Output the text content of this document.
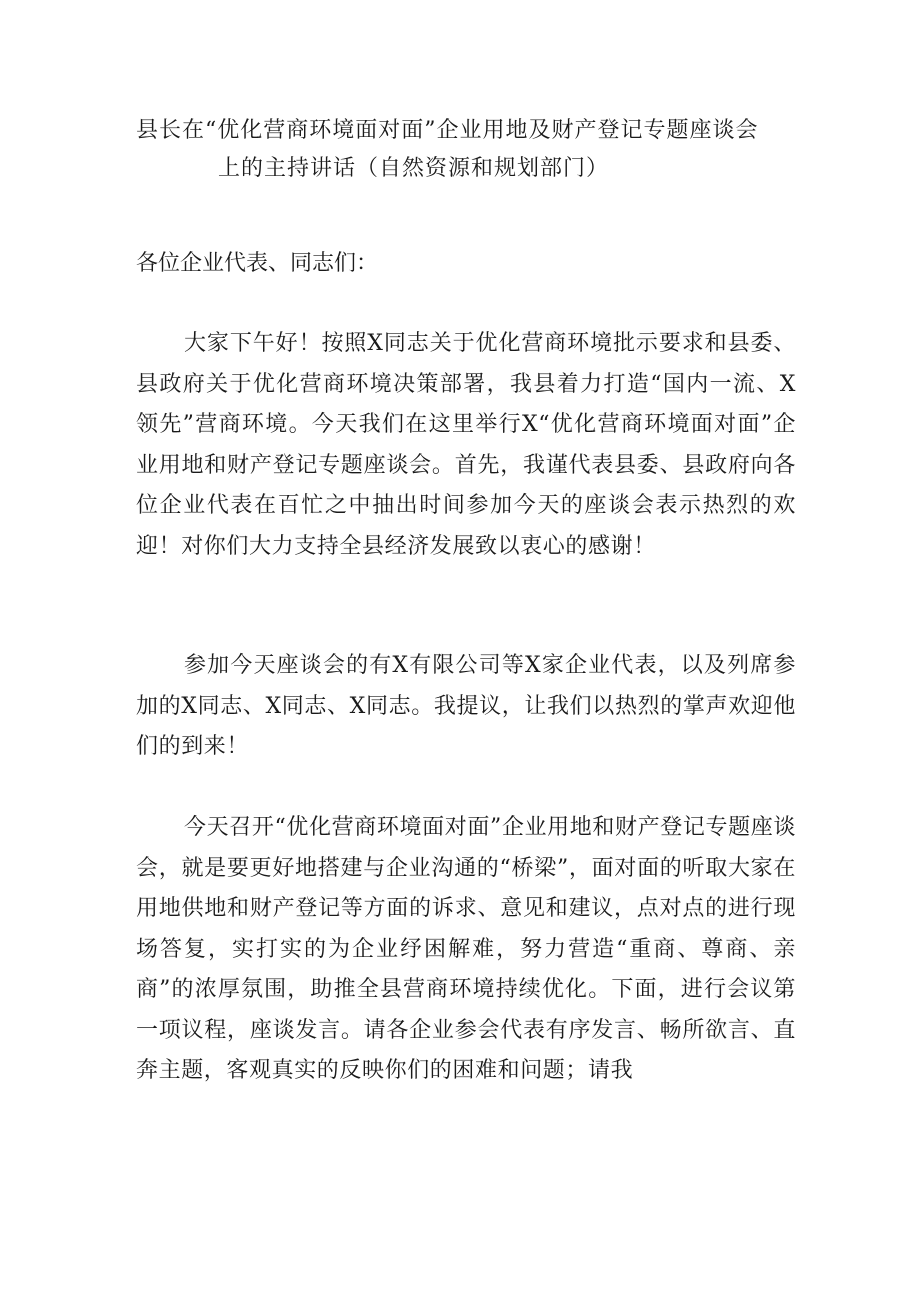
县长在“优化营商环境面对面”企业用地及财产登记专题座谈会
上的主持讲话（自然资源和规划部门）

各位企业代表、同志们：

大家下午好！按照X同志关于优化营商环境批示要求和县委、县政府关于优化营商环境决策部署，我县着力打造“国内一流、X领先”营商环境。今天我们在这里举行X“优化营商环境面对面”企业用地和财产登记专题座谈会。首先，我谨代表县委、县政府向各位企业代表在百忙之中抽出时间参加今天的座谈会表示热烈的欢迎！对你们大力支持全县经济发展致以衷心的感谢！

参加今天座谈会的有X有限公司等X家企业代表，以及列席参加的X同志、X同志、X同志。我提议，让我们以热烈的掌声欢迎他们的到来！

今天召开“优化营商环境面对面”企业用地和财产登记专题座谈会，就是要更好地搭建与企业沟通的“桥梁”，面对面的听取大家在用地供地和财产登记等方面的诉求、意见和建议，点对点的进行现场答复，实打实的为企业纾困解难，努力营造“重商、尊商、亲商”的浓厚氛围，助推全县营商环境持续优化。下面，进行会议第一项议程，座谈发言。请各企业参会代表有序发言、畅所欲言、直奔主题，客观真实的反映你们的困难和问题；请我
